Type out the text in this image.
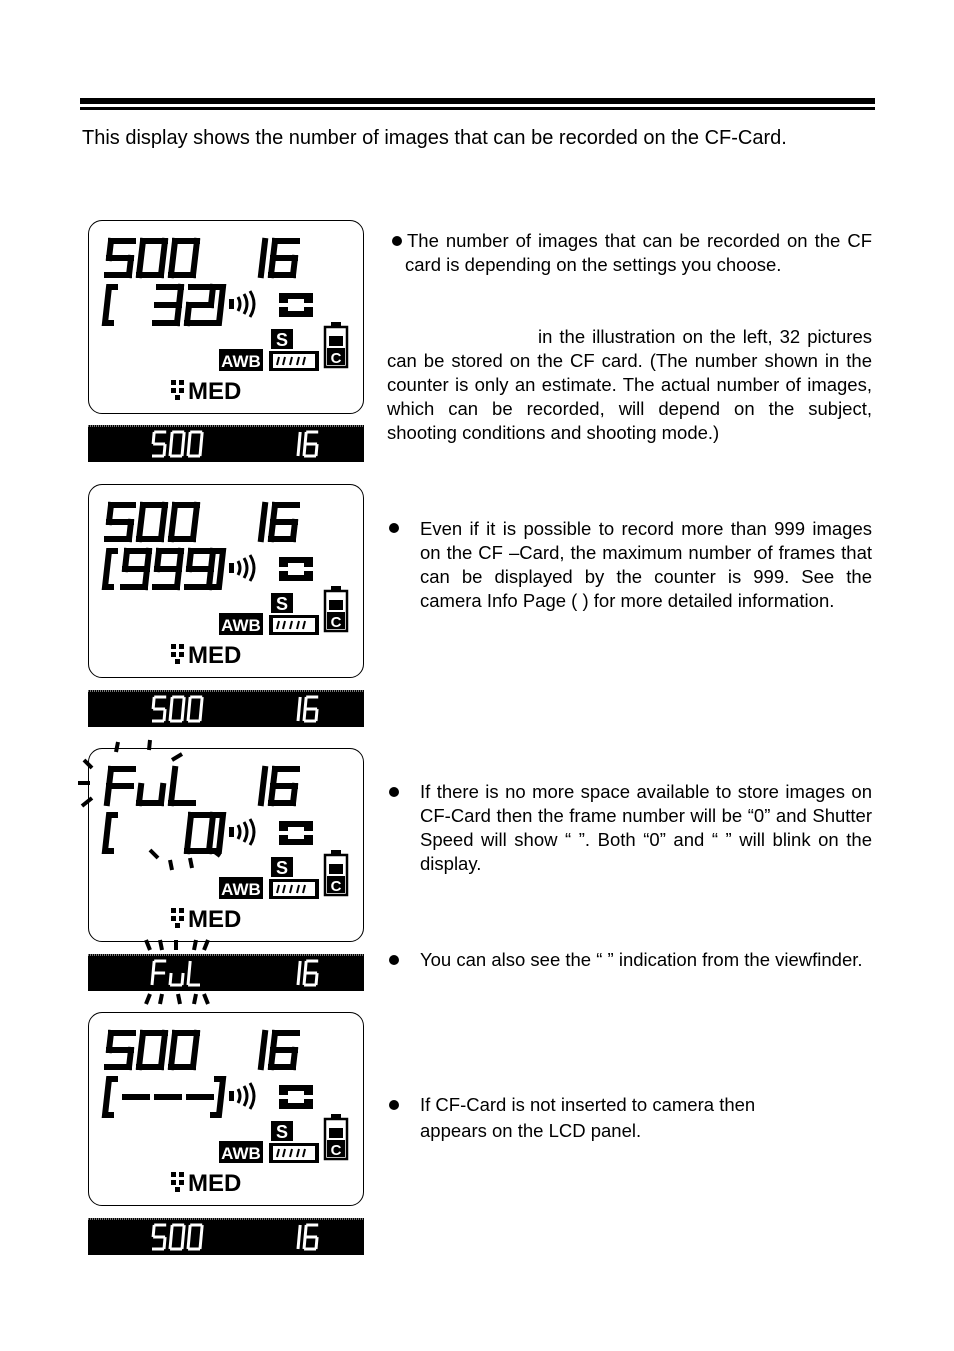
This display shows the number of images that can be recorded on the CF-Card.
The number of images that can be recorded on the CF card is depending on the settings you choose.
in the illustration on the left, 32 pictures can be stored on the CF card. (The number shown in the counter is only an estimate. The actual number of images, which can be recorded, will depend on the subject, shooting conditions and shooting mode.)
Even if it is possible to record more than 999 images on the CF –Card, the maximum number of frames that can be displayed by the counter is 999. See the camera Info Page ( ) for more detailed information.
If there is no more space available to store images on CF-Card then the frame number will be “0” and Shutter Speed will show “ ”. Both “0” and “ ” will blink on the display.
You can also see the “ ” indication from the viewfinder.
If CF-Card is not inserted to camera then
appears on the LCD panel.
S
C
AWB
MED
S
C
AWB
MED
S
C
AWB
MED
S
C
AWB
MED
